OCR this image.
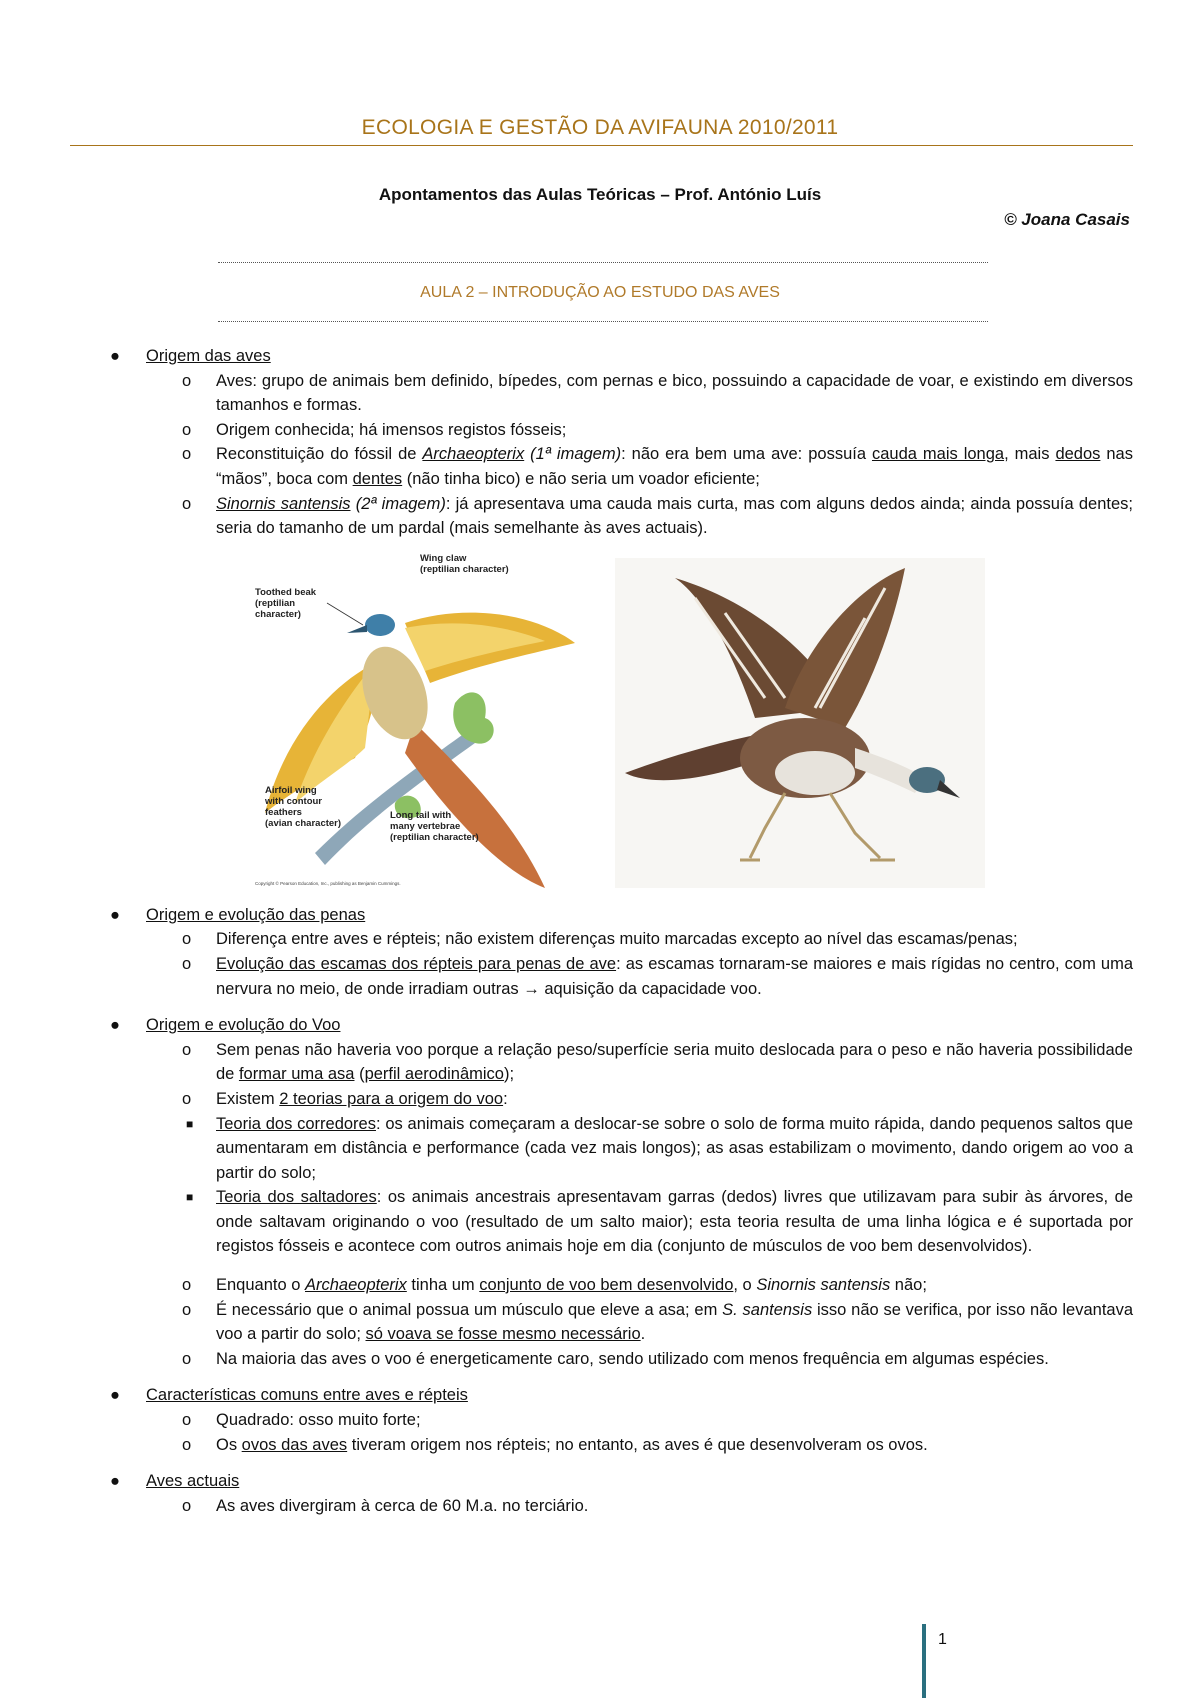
ECOLOGIA E GESTÃO DA AVIFAUNA 2010/2011
Apontamentos das Aulas Teóricas – Prof. António Luís
© Joana Casais
AULA 2 – INTRODUÇÃO AO ESTUDO DAS AVES
● Origem das aves
o Aves: grupo de animais bem definido, bípedes, com pernas e bico, possuindo a capacidade de voar, e existindo em diversos tamanhos e formas.
o Origem conhecida; há imensos registos fósseis;
o Reconstituição do fóssil de Archaeopterix (1ª imagem): não era bem uma ave: possuía cauda mais longa, mais dedos nas “mãos”, boca com dentes (não tinha bico) e não seria um voador eficiente;
o Sinornis santensis (2ª imagem): já apresentava uma cauda mais curta, mas com alguns dedos ainda; ainda possuía dentes; seria do tamanho de um pardal (mais semelhante às aves actuais).
Toothed beak (reptilian character)
Wing claw (reptilian character)
Airfoil wing with contour feathers (avian character)
Long tail with many vertebrae (reptilian character)
Copyright © Pearson Education, Inc., publishing as Benjamin Cummings.
● Origem e evolução das penas
o Diferença entre aves e répteis; não existem diferenças muito marcadas excepto ao nível das escamas/penas;
o Evolução das escamas dos répteis para penas de ave: as escamas tornaram-se maiores e mais rígidas no centro, com uma nervura no meio, de onde irradiam outras → aquisição da capacidade voo.
● Origem e evolução do Voo
o Sem penas não haveria voo porque a relação peso/superfície seria muito deslocada para o peso e não haveria possibilidade de formar uma asa (perfil aerodinâmico);
o Existem 2 teorias para a origem do voo:
■ Teoria dos corredores: os animais começaram a deslocar-se sobre o solo de forma muito rápida, dando pequenos saltos que aumentaram em distância e performance (cada vez mais longos); as asas estabilizam o movimento, dando origem ao voo a partir do solo;
■ Teoria dos saltadores: os animais ancestrais apresentavam garras (dedos) livres que utilizavam para subir às árvores, de onde saltavam originando o voo (resultado de um salto maior); esta teoria resulta de uma linha lógica e é suportada por registos fósseis e acontece com outros animais hoje em dia (conjunto de músculos de voo bem desenvolvidos).
o Enquanto o Archaeopterix tinha um conjunto de voo bem desenvolvido, o Sinornis santensis não;
o É necessário que o animal possua um músculo que eleve a asa; em S. santensis isso não se verifica, por isso não levantava voo a partir do solo; só voava se fosse mesmo necessário.
o Na maioria das aves o voo é energeticamente caro, sendo utilizado com menos frequência em algumas espécies.
● Características comuns entre aves e répteis
o Quadrado: osso muito forte;
o Os ovos das aves tiveram origem nos répteis; no entanto, as aves é que desenvolveram os ovos.
● Aves actuais
o As aves divergiram à cerca de 60 M.a. no terciário.
1
